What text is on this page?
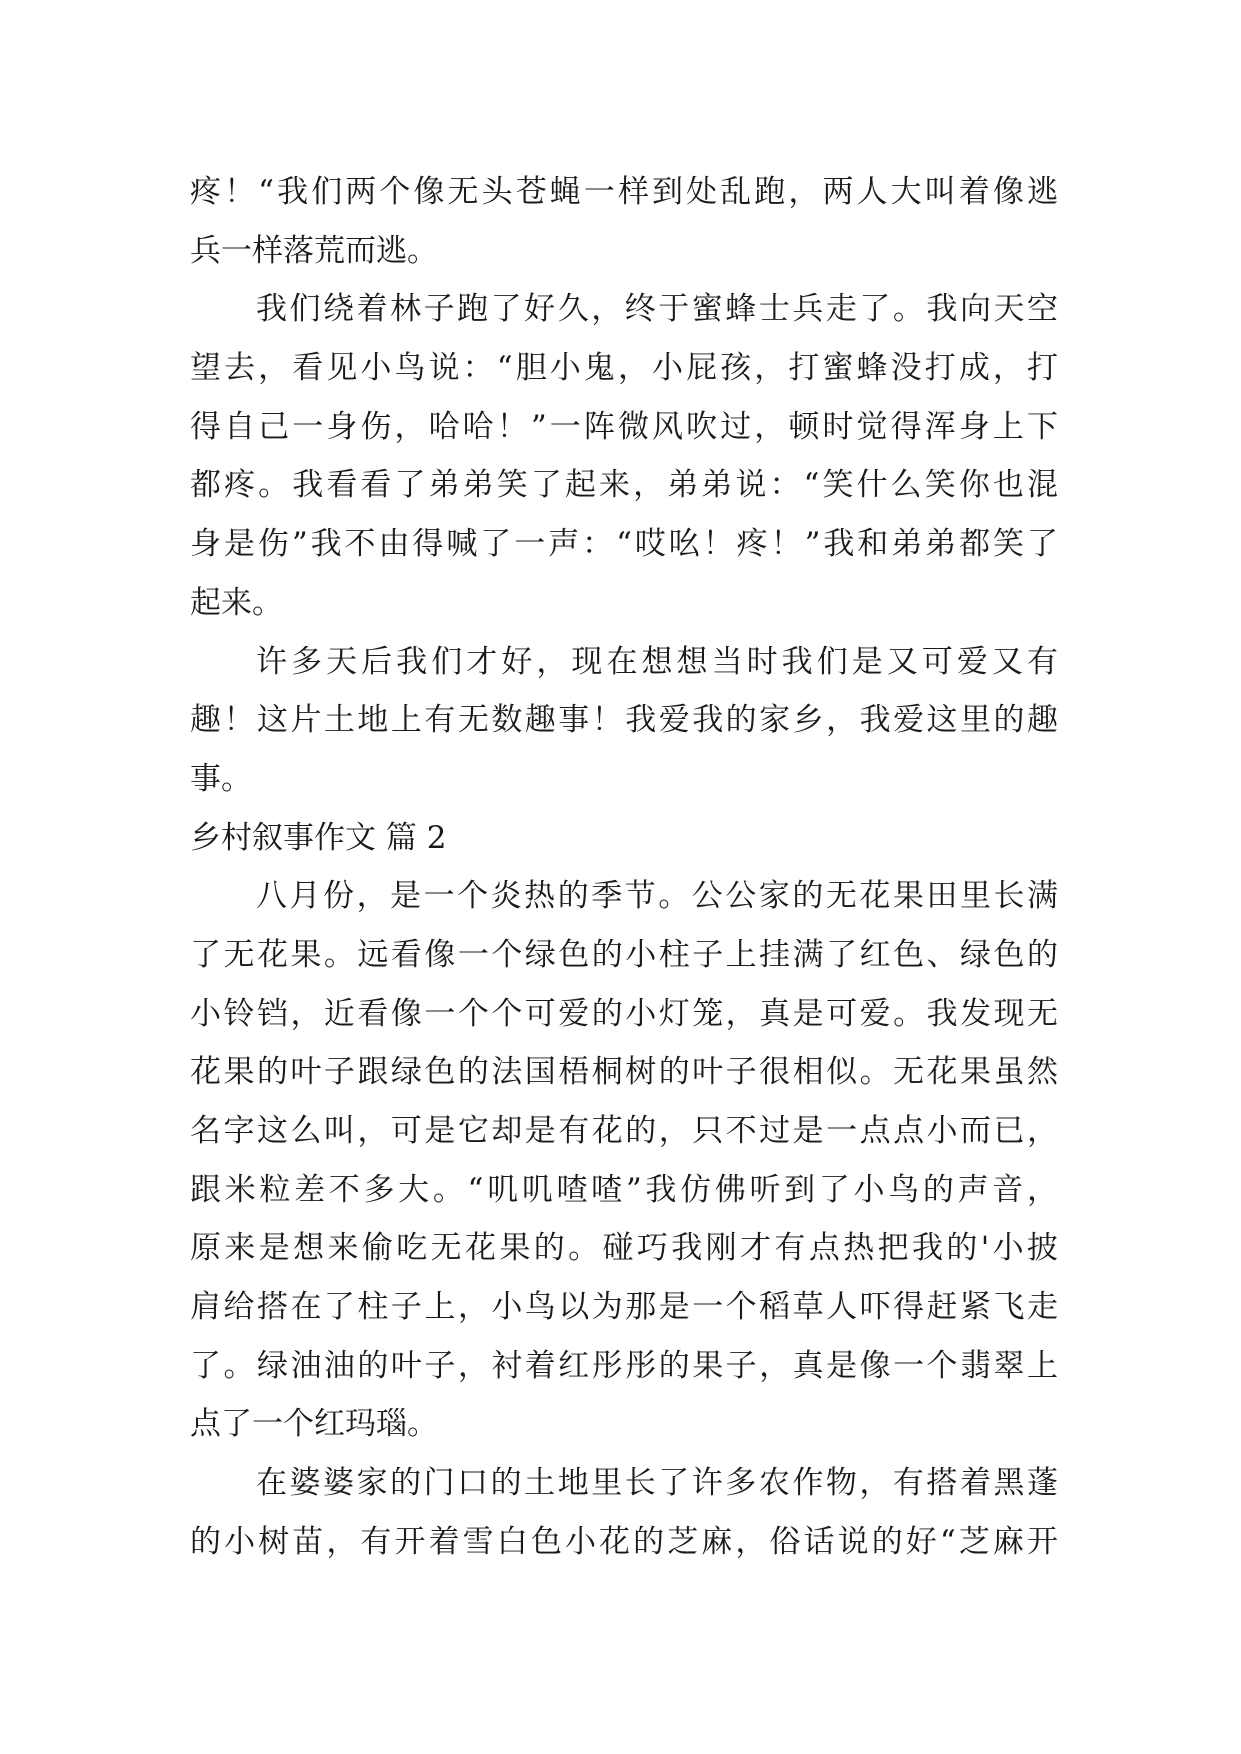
疼！“我们两个像无头苍蝇一样到处乱跑，两人大叫着像逃
兵一样落荒而逃。
我们绕着林子跑了好久，终于蜜蜂士兵走了。我向天空
望去，看见小鸟说：“胆小鬼，小屁孩，打蜜蜂没打成，打
得自己一身伤，哈哈！”一阵微风吹过，顿时觉得浑身上下
都疼。我看看了弟弟笑了起来，弟弟说：“笑什么笑你也混
身是伤”我不由得喊了一声：“哎吆！疼！”我和弟弟都笑了
起来。
许多天后我们才好，现在想想当时我们是又可爱又有
趣！这片土地上有无数趣事！我爱我的家乡，我爱这里的趣
事。
乡村叙事作文 篇 2
八月份，是一个炎热的季节。公公家的无花果田里长满
了无花果。远看像一个绿色的小柱子上挂满了红色、绿色的
小铃铛，近看像一个个可爱的小灯笼，真是可爱。我发现无
花果的叶子跟绿色的法国梧桐树的叶子很相似。无花果虽然
名字这么叫，可是它却是有花的，只不过是一点点小而已，
跟米粒差不多大。“叽叽喳喳”我仿佛听到了小鸟的声音，
原来是想来偷吃无花果的。碰巧我刚才有点热把我的'小披
肩给搭在了柱子上，小鸟以为那是一个稻草人吓得赶紧飞走
了。绿油油的叶子，衬着红彤彤的果子，真是像一个翡翠上
点了一个红玛瑙。
在婆婆家的门口的土地里长了许多农作物，有搭着黑蓬
的小树苗，有开着雪白色小花的芝麻，俗话说的好“芝麻开
